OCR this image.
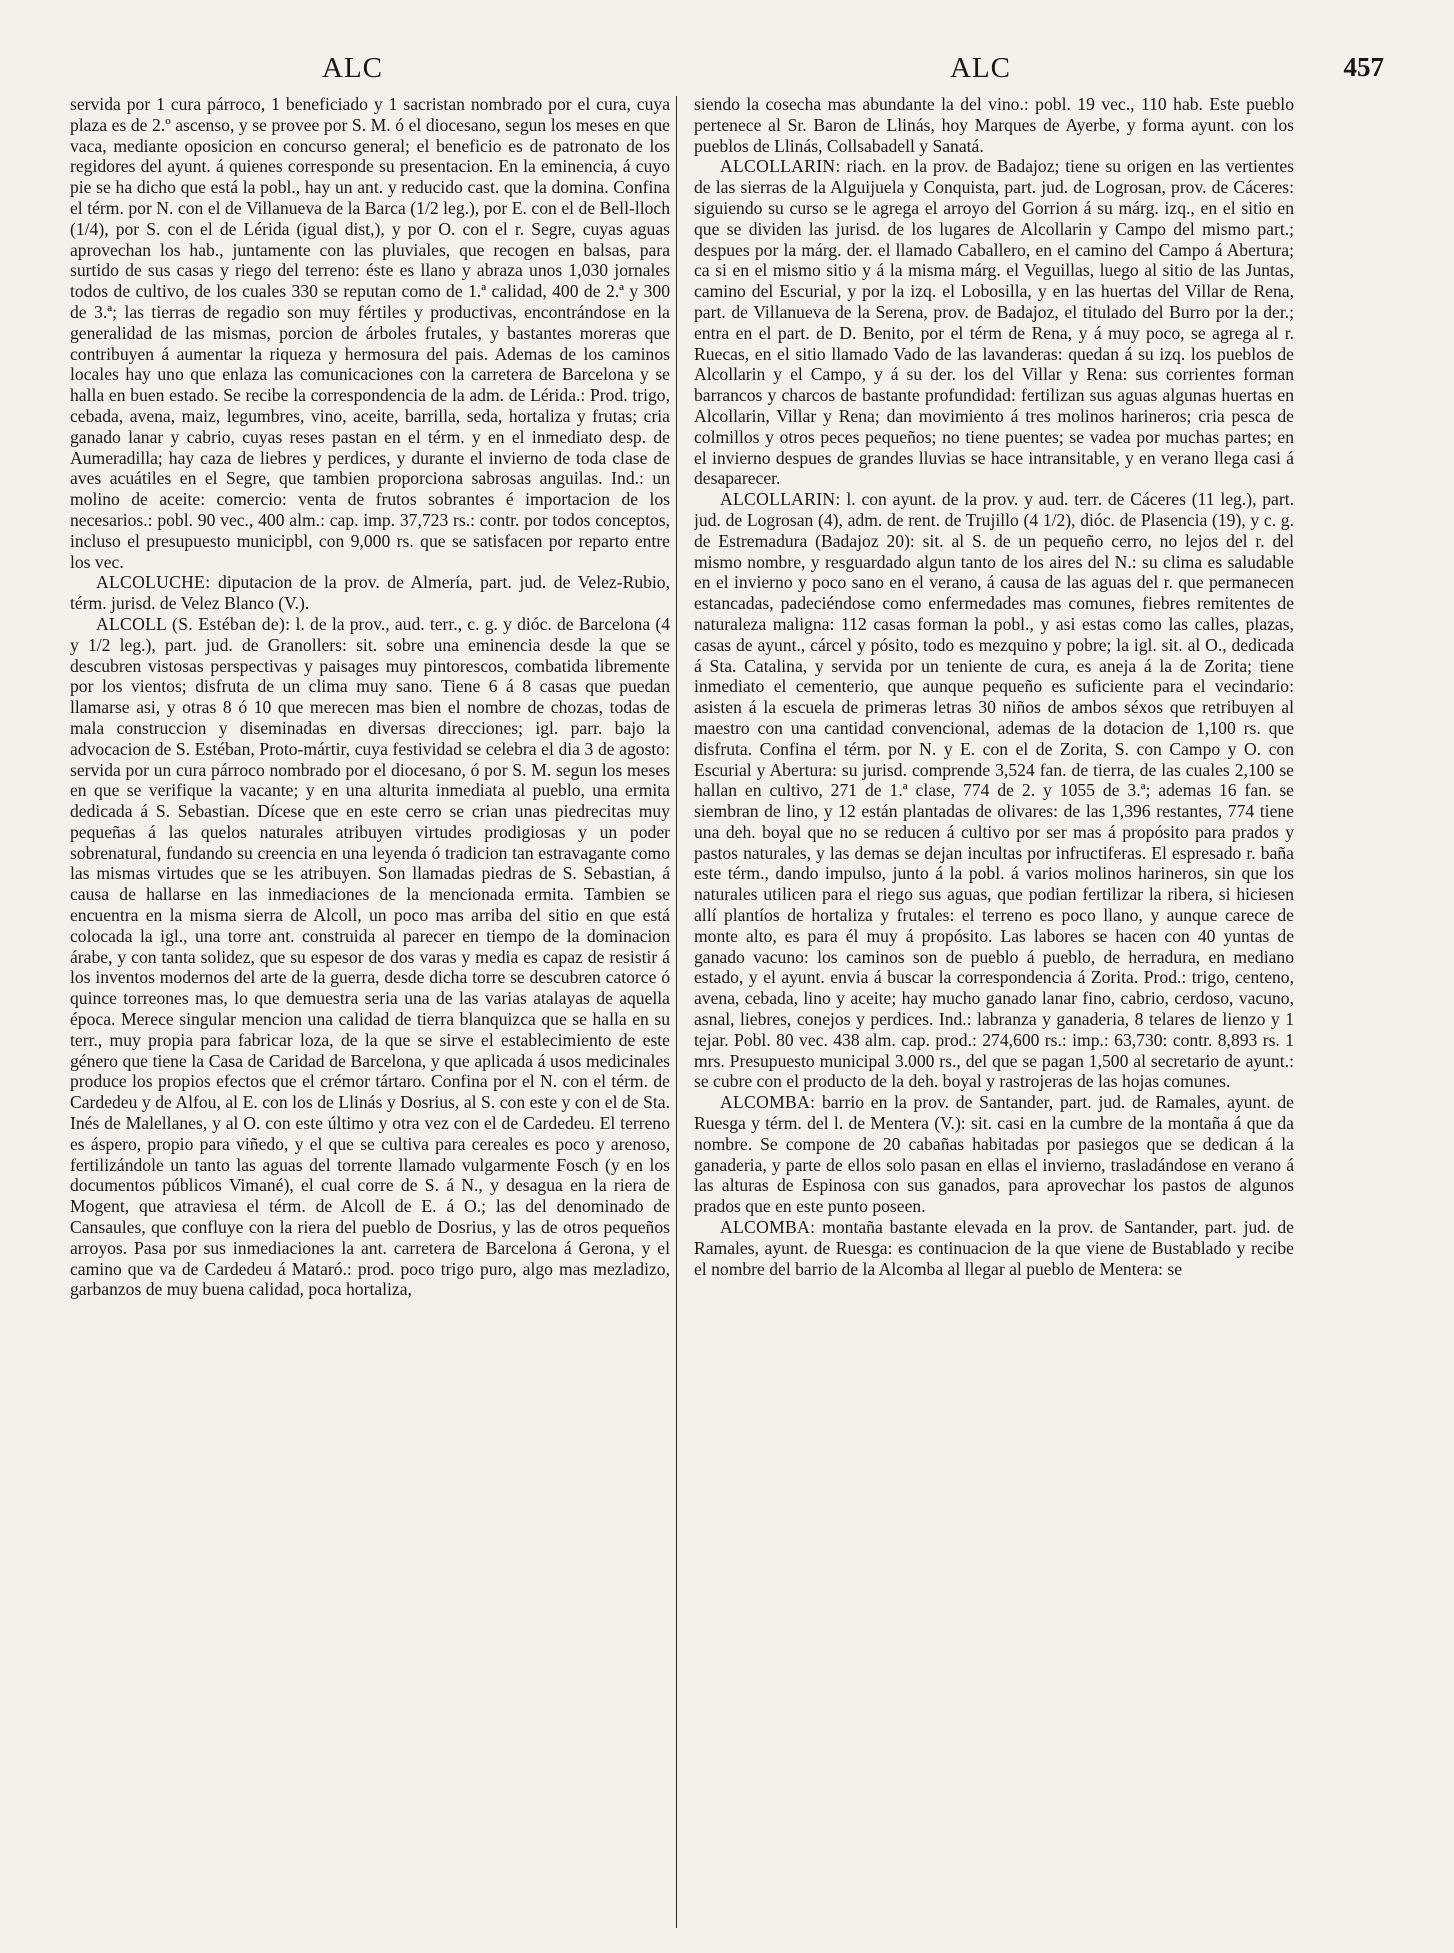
ALC	ALC	457

servida por 1 cura párroco, 1 beneficiado y 1 sacristan nombrado por el cura, cuya plaza es de 2.º ascenso, y se provee por S. M. ó el diocesano, segun los meses en que vaca, mediante oposicion en concurso general; el beneficio es de patronato de los regidores del ayunt. á quienes corresponde su presentacion. En la eminencia, á cuyo pie se ha dicho que está la pobl., hay un ant. y reducido cast. que la domina. Confina el térm. por N. con el de Villanueva de la Barca (1/2 leg.), por E. con el de Bell-lloch (1/4), por S. con el de Lérida (igual dist,), y por O. con el r. Segre, cuyas aguas aprovechan los hab., juntamente con las pluviales, que recogen en balsas, para surtido de sus casas y riego del terreno: éste es llano y abraza unos 1,030 jornales todos de cultivo, de los cuales 330 se reputan como de 1.ª calidad, 400 de 2.ª y 300 de 3.ª; las tierras de regadio son muy fértiles y productivas, encontrándose en la generalidad de las mismas, porcion de árboles frutales, y bastantes moreras que contribuyen á aumentar la riqueza y hermosura del pais. Ademas de los caminos locales hay uno que enlaza las comunicaciones con la carretera de Barcelona y se halla en buen estado. Se recibe la correspondencia de la adm. de Lérida.: Prod. trigo, cebada, avena, maiz, legumbres, vino, aceite, barrilla, seda, hortaliza y frutas; cria ganado lanar y cabrio, cuyas reses pastan en el térm. y en el inmediato desp. de Aumeradilla; hay caza de liebres y perdices, y durante el invierno de toda clase de aves acuátiles en el Segre, que tambien proporciona sabrosas anguilas. Ind.: un molino de aceite: comercio: venta de frutos sobrantes é importacion de los necesarios.: pobl. 90 vec., 400 alm.: cap. imp. 37,723 rs.: contr. por todos conceptos, incluso el presupuesto municipbl, con 9,000 rs. que se satisfacen por reparto entre los vec.

ALCOLUCHE: diputacion de la prov. de Almería, part. jud. de Velez-Rubio, térm. jurisd. de Velez Blanco (V.).

ALCOLL (S. Estéban de): l. de la prov., aud. terr., c. g. y dióc. de Barcelona (4 y 1/2 leg.), part. jud. de Granollers: sit. sobre una eminencia desde la que se descubren vistosas perspectivas y paisages muy pintorescos, combatida libremente por los vientos; disfruta de un clima muy sano. Tiene 6 á 8 casas que puedan llamarse asi, y otras 8 ó 10 que merecen mas bien el nombre de chozas, todas de mala construccion y diseminadas en diversas direcciones; igl. parr. bajo la advocacion de S. Estéban, Proto-mártir, cuya festividad se celebra el dia 3 de agosto: servida por un cura párroco nombrado por el diocesano, ó por S. M. segun los meses en que se verifique la vacante; y en una alturita inmediata al pueblo, una ermita dedicada á S. Sebastian. Dícese que en este cerro se crian unas piedrecitas muy pequeñas á las quelos naturales atribuyen virtudes prodigiosas y un poder sobrenatural, fundando su creencia en una leyenda ó tradicion tan estravagante como las mismas virtudes que se les atribuyen. Son llamadas piedras de S. Sebastian, á causa de hallarse en las inmediaciones de la mencionada ermita. Tambien se encuentra en la misma sierra de Alcoll, un poco mas arriba del sitio en que está colocada la igl., una torre ant. construida al parecer en tiempo de la dominacion árabe, y con tanta solidez, que su espesor de dos varas y media es capaz de resistir á los inventos modernos del arte de la guerra, desde dicha torre se descubren catorce ó quince torreones mas, lo que demuestra seria una de las varias atalayas de aquella época. Merece singular mencion una calidad de tierra blanquizca que se halla en su terr., muy propia para fabricar loza, de la que se sirve el establecimiento de este género que tiene la Casa de Caridad de Barcelona, y que aplicada á usos medicinales produce los propios efectos que el crémor tártaro. Confina por el N. con el térm. de Cardedeu y de Alfou, al E. con los de Llinás y Dosrius, al S. con este y con el de Sta. Inés de Malellanes, y al O. con este último y otra vez con el de Cardedeu. El terreno es áspero, propio para viñedo, y el que se cultiva para cereales es poco y arenoso, fertilizándole un tanto las aguas del torrente llamado vulgarmente Fosch (y en los documentos públicos Vimané), el cual corre de S. á N., y desagua en la riera de Mogent, que atraviesa el térm. de Alcoll de E. á O.; las del denominado de Cansaules, que confluye con la riera del pueblo de Dosrius, y las de otros pequeños arroyos. Pasa por sus inmediaciones la ant. carretera de Barcelona á Gerona, y el camino que va de Cardedeu á Mataró.: prod. poco trigo puro, algo mas mezladizo, garbanzos de muy buena calidad, poca hortaliza,

siendo la cosecha mas abundante la del vino.: pobl. 19 vec., 110 hab. Este pueblo pertenece al Sr. Baron de Llinás, hoy Marques de Ayerbe, y forma ayunt. con los pueblos de Llinás, Collsabadell y Sanatá.

ALCOLLARIN: riach. en la prov. de Badajoz; tiene su origen en las vertientes de las sierras de la Alguijuela y Conquista, part. jud. de Logrosan, prov. de Cáceres: siguiendo su curso se le agrega el arroyo del Gorrion á su márg. izq., en el sitio en que se dividen las jurisd. de los lugares de Alcollarin y Campo del mismo part.; despues por la márg. der. el llamado Caballero, en el camino del Campo á Abertura; ca si en el mismo sitio y á la misma márg. el Veguillas, luego al sitio de las Juntas, camino del Escurial, y por la izq. el Lobosilla, y en las huertas del Villar de Rena, part. de Villanueva de la Serena, prov. de Badajoz, el titulado del Burro por la der.; entra en el part. de D. Benito, por el térm de Rena, y á muy poco, se agrega al r. Ruecas, en el sitio llamado Vado de las lavanderas: quedan á su izq. los pueblos de Alcollarin y el Campo, y á su der. los del Villar y Rena: sus corrientes forman barrancos y charcos de bastante profundidad: fertilizan sus aguas algunas huertas en Alcollarin, Villar y Rena; dan movimiento á tres molinos harineros; cria pesca de colmillos y otros peces pequeños; no tiene puentes; se vadea por muchas partes; en el invierno despues de grandes lluvias se hace intransitable, y en verano llega casi á desaparecer.

ALCOLLARIN: l. con ayunt. de la prov. y aud. terr. de Cáceres (11 leg.), part. jud. de Logrosan (4), adm. de rent. de Trujillo (4 1/2), dióc. de Plasencia (19), y c. g. de Estremadura (Badajoz 20): sit. al S. de un pequeño cerro, no lejos del r. del mismo nombre, y resguardado algun tanto de los aires del N.: su clima es saludable en el invierno y poco sano en el verano, á causa de las aguas del r. que permanecen estancadas, padeciéndose como enfermedades mas comunes, fiebres remitentes de naturaleza maligna: 112 casas forman la pobl., y asi estas como las calles, plazas, casas de ayunt., cárcel y pósito, todo es mezquino y pobre; la igl. sit. al O., dedicada á Sta. Catalina, y servida por un teniente de cura, es aneja á la de Zorita; tiene inmediato el cementerio, que aunque pequeño es suficiente para el vecindario: asisten á la escuela de primeras letras 30 niños de ambos séxos que retribuyen al maestro con una cantidad convencional, ademas de la dotacion de 1,100 rs. que disfruta. Confina el térm. por N. y E. con el de Zorita, S. con Campo y O. con Escurial y Abertura: su jurisd. comprende 3,524 fan. de tierra, de las cuales 2,100 se hallan en cultivo, 271 de 1.ª clase, 774 de 2. y 1055 de 3.ª; ademas 16 fan. se siembran de lino, y 12 están plantadas de olivares: de las 1,396 restantes, 774 tiene una deh. boyal que no se reducen á cultivo por ser mas á propósito para prados y pastos naturales, y las demas se dejan incultas por infructiferas. El espresado r. baña este térm., dando impulso, junto á la pobl. á varios molinos harineros, sin que los naturales utilicen para el riego sus aguas, que podian fertilizar la ribera, si hiciesen allí plantíos de hortaliza y frutales: el terreno es poco llano, y aunque carece de monte alto, es para él muy á propósito. Las labores se hacen con 40 yuntas de ganado vacuno: los caminos son de pueblo á pueblo, de herradura, en mediano estado, y el ayunt. envia á buscar la correspondencia á Zorita. Prod.: trigo, centeno, avena, cebada, lino y aceite; hay mucho ganado lanar fino, cabrio, cerdoso, vacuno, asnal, liebres, conejos y perdices. Ind.: labranza y ganaderia, 8 telares de lienzo y 1 tejar. Pobl. 80 vec. 438 alm. cap. prod.: 274,600 rs.: imp.: 63,730: contr. 8,893 rs. 1 mrs. Presupuesto municipal 3.000 rs., del que se pagan 1,500 al secretario de ayunt.: se cubre con el producto de la deh. boyal y rastrojeras de las hojas comunes.

ALCOMBA: barrio en la prov. de Santander, part. jud. de Ramales, ayunt. de Ruesga y térm. del l. de Mentera (V.): sit. casi en la cumbre de la montaña á que da nombre. Se compone de 20 cabañas habitadas por pasiegos que se dedican á la ganaderia, y parte de ellos solo pasan en ellas el invierno, trasladándose en verano á las alturas de Espinosa con sus ganados, para aprovechar los pastos de algunos prados que en este punto poseen.

ALCOMBA: montaña bastante elevada en la prov. de Santander, part. jud. de Ramales, ayunt. de Ruesga: es continuacion de la que viene de Bustablado y recibe el nombre del barrio de la Alcomba al llegar al pueblo de Mentera: se
